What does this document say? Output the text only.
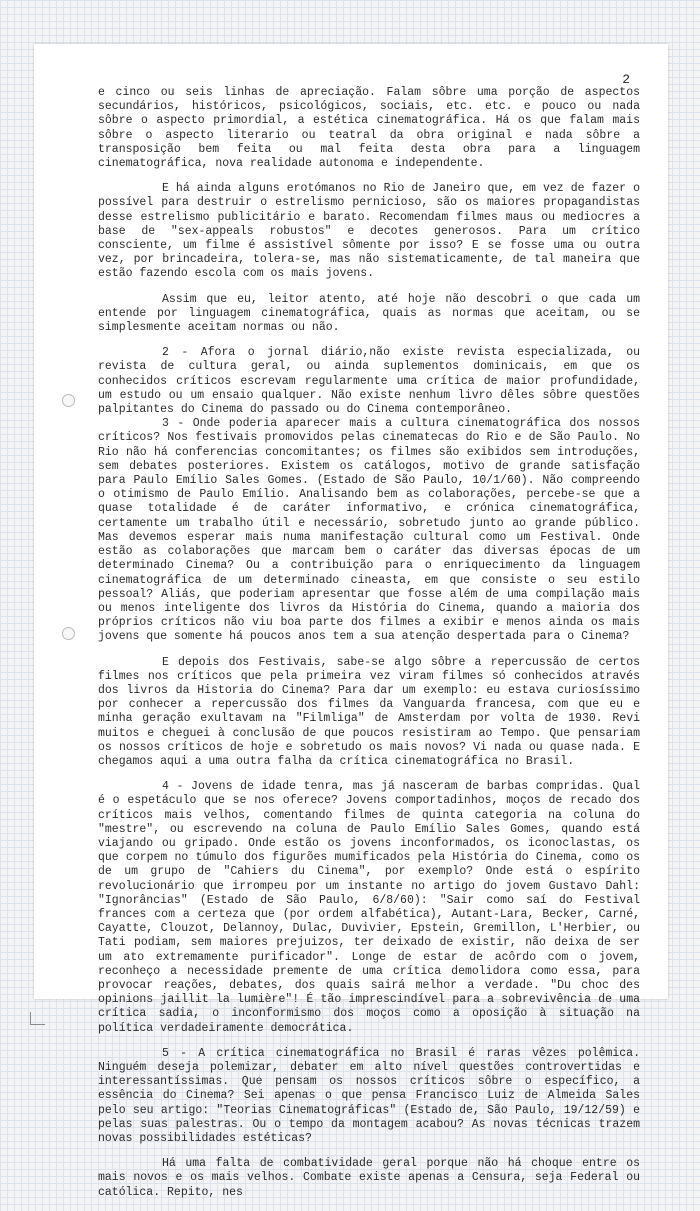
2

e cinco ou seis linhas de apreciação. Falam sôbre uma porção de aspectos secundários, históricos, psicológicos, sociais, etc. etc. e pouco ou nada sôbre o aspecto primordial, a estética cinematográfica. Há os que falam mais sôbre o aspecto literario ou teatral da obra original e nada sôbre a transposição bem feita ou mal feita desta obra para a linguagem cinematográfica, nova realidade autonoma e independente.

E há ainda alguns erotómanos no Rio de Janeiro que, em vez de fazer o possível para destruir o estrelismo pernicioso, são os maiores propagandistas desse estrelismo publicitário e barato. Recomendam filmes maus ou mediocres a base de "sex-appeals robustos" e decotes generosos. Para um crítico consciente, um filme é assistível sômente por isso? E se fosse uma ou outra vez, por brincadeira, tolera-se, mas não sistematicamente, de tal maneira que estão fazendo escola com os mais jovens.

Assim que eu, leitor atento, até hoje não descobri o que cada um entende por linguagem cinematográfica, quais as normas que aceitam, ou se simplesmente aceitam normas ou não.

2 - Afora o jornal diário,não existe revista especializada, ou revista de cultura geral, ou ainda suplementos dominicais, em que os conhecidos críticos escrevam regularmente uma crítica de maior profundidade, um estudo ou um ensaio qualquer. Não existe nenhum livro dêles sôbre questões palpitantes do Cinema do passado ou do Cinema contemporâneo.

3 - Onde poderia aparecer mais a cultura cinematográfica dos nossos críticos? Nos festivais promovidos pelas cinematecas do Rio e de São Paulo. No Rio não há conferencias concomitantes; os filmes são exibidos sem introduções, sem debates posteriores. Existem os catálogos, motivo de grande satisfação para Paulo Emílio Sales Gomes. (Estado de São Paulo, 10/1/60). Não compreendo o otimismo de Paulo Emílio. Analisando bem as colaborações, percebe-se que a quase totalidade é de caráter informativo, e crónica cinematográfica, certamente um trabalho útil e necessário, sobretudo junto ao grande público. Mas devemos esperar mais numa manifestação cultural como um Festival. Onde estão as colaborações que marcam bem o caráter das diversas épocas de um determinado Cinema? Ou a contribuição para o enriquecimento da linguagem cinematográfica de um determinado cineasta, em que consiste o seu estilo pessoal? Aliás, que poderiam apresentar que fosse além de uma compilação mais ou menos inteligente dos livros da História do Cinema, quando a maioria dos próprios críticos não viu boa parte dos filmes a exibir e menos ainda os mais jovens que somente há poucos anos tem a sua atenção despertada para o Cinema?

E depois dos Festivais, sabe-se algo sôbre a repercussão de certos filmes nos críticos que pela primeira vez viram filmes só conhecidos através dos livros da Historia do Cinema? Para dar um exemplo: eu estava curiosíssimo por conhecer a repercussão dos filmes da Vanguarda francesa, com que eu e minha geração exultavam na "Filmliga" de Amsterdam por volta de 1930. Revi muitos e cheguei à conclusão de que poucos resistiram ao Tempo. Que pensariam os nossos críticos de hoje e sobretudo os mais novos? Vi nada ou quase nada. E chegamos aqui a uma outra falha da crítica cinematográfica no Brasil.

4 - Jovens de idade tenra, mas já nasceram de barbas compridas. Qual é o espetáculo que se nos oferece? Jovens comportadinhos, moços de recado dos críticos mais velhos, comentando filmes de quinta categoria na coluna do "mestre", ou escrevendo na coluna de Paulo Emílio Sales Gomes, quando está viajando ou gripado. Onde estão os jovens inconformados, os iconoclastas, os que corpem no túmulo dos figurões mumificados pela História do Cinema, como os de um grupo de "Cahiers du Cinema", por exemplo? Onde está o espírito revolucionário que irrompeu por um instante no artigo do jovem Gustavo Dahl: "Ignorâncias" (Estado de São Paulo, 6/8/60): "Sair como saí do Festival frances com a certeza que (por ordem alfabética), Autant-Lara, Becker, Carné, Cayatte, Clouzot, Delannoy, Dulac, Duvivier, Epstein, Gremillon, L'Herbier, ou Tati podiam, sem maiores prejuizos, ter deixado de existir, não deixa de ser um ato extremamente purificador". Longe de estar de acôrdo com o jovem, reconheço a necessidade premente de uma crítica demolidora como essa, para provocar reações, debates, dos quais sairá melhor a verdade. "Du choc des opinions jaillit la lumière"! É tão imprescindível para a sobrevivência de uma crítica sadia, o inconformismo dos moços como a oposição à situação na política verdadeiramente democrática.

5 - A crítica cinematográfica no Brasil é raras vêzes polêmica. Ninguém deseja polemizar, debater em alto nível questões controvertidas e interessantíssimas. Que pensam os nossos críticos sôbre o específico, a essência do Cinema? Sei apenas o que pensa Francisco Luiz de Almeida Sales pelo seu artigo: "Teorias Cinematográficas" (Estado de, São Paulo, 19/12/59) e pelas suas palestras. Ou o tempo da montagem acabou? As novas técnicas trazem novas possibilidades estéticas?

Há uma falta de combatividade geral porque não há choque entre os mais novos e os mais velhos. Combate existe apenas a Censura, seja Federal ou católica. Repito, nes
